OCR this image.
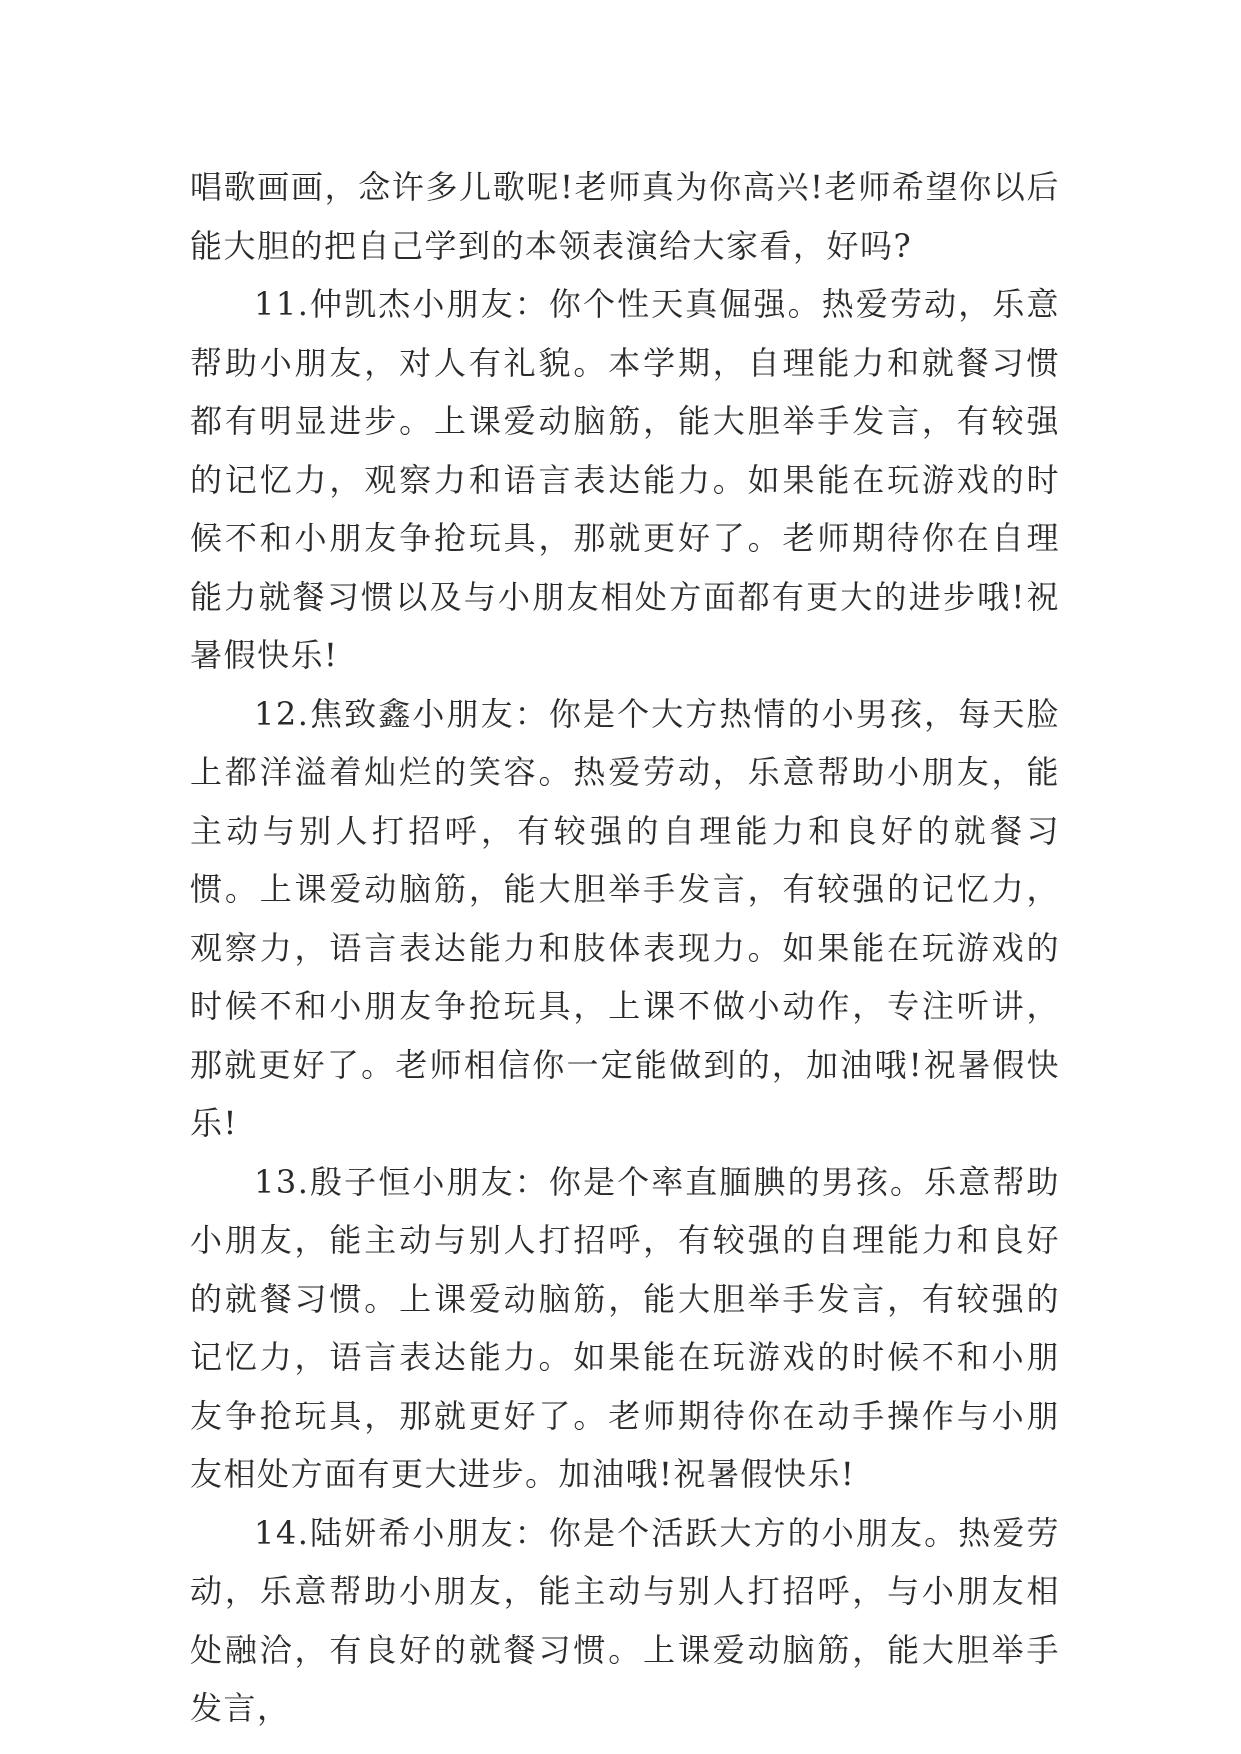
唱歌画画，念许多儿歌呢!老师真为你高兴!老师希望你以后能大胆的把自己学到的本领表演给大家看，好吗?

11.仲凯杰小朋友：你个性天真倔强。热爱劳动，乐意帮助小朋友，对人有礼貌。本学期，自理能力和就餐习惯都有明显进步。上课爱动脑筋，能大胆举手发言，有较强的记忆力，观察力和语言表达能力。如果能在玩游戏的时候不和小朋友争抢玩具，那就更好了。老师期待你在自理能力就餐习惯以及与小朋友相处方面都有更大的进步哦!祝暑假快乐!

12.焦致鑫小朋友：你是个大方热情的小男孩，每天脸上都洋溢着灿烂的笑容。热爱劳动，乐意帮助小朋友，能主动与别人打招呼，有较强的自理能力和良好的就餐习惯。上课爱动脑筋，能大胆举手发言，有较强的记忆力，观察力，语言表达能力和肢体表现力。如果能在玩游戏的时候不和小朋友争抢玩具，上课不做小动作，专注听讲，那就更好了。老师相信你一定能做到的，加油哦!祝暑假快乐!

13.殷子恒小朋友：你是个率直腼腆的男孩。乐意帮助小朋友，能主动与别人打招呼，有较强的自理能力和良好的就餐习惯。上课爱动脑筋，能大胆举手发言，有较强的记忆力，语言表达能力。如果能在玩游戏的时候不和小朋友争抢玩具，那就更好了。老师期待你在动手操作与小朋友相处方面有更大进步。加油哦!祝暑假快乐!

14.陆妍希小朋友：你是个活跃大方的小朋友。热爱劳动，乐意帮助小朋友，能主动与别人打招呼，与小朋友相处融洽，有良好的就餐习惯。上课爱动脑筋，能大胆举手发言，
